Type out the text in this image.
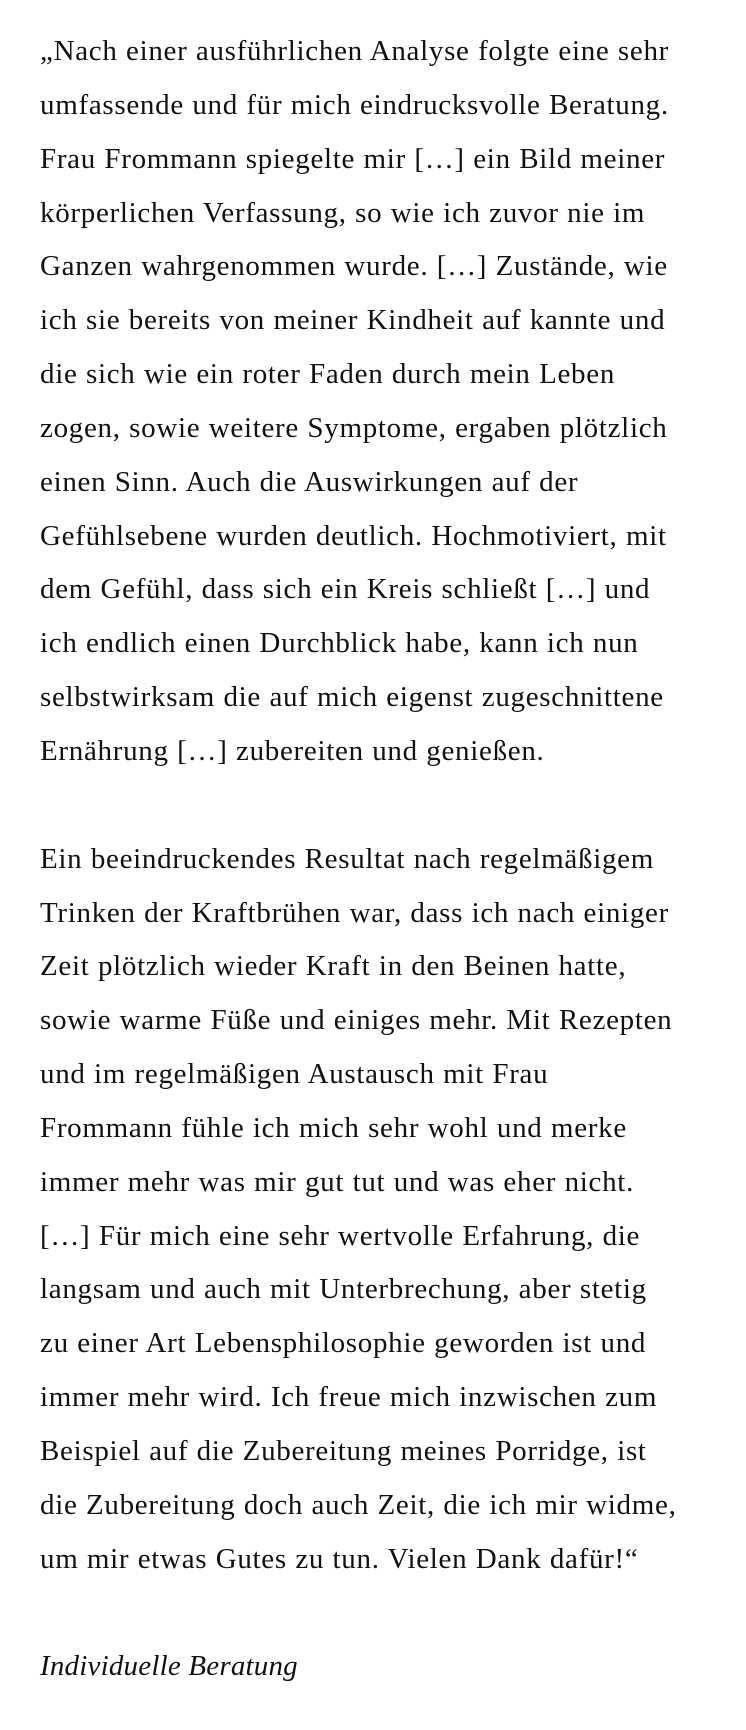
„Nach einer ausführlichen Analyse folgte eine sehr
umfassende und für mich eindrucksvolle Beratung.
Frau Frommann spiegelte mir […] ein Bild meiner
körperlichen Verfassung, so wie ich zuvor nie im
Ganzen wahrgenommen wurde. […] Zustände, wie
ich sie bereits von meiner Kindheit auf kannte und
die sich wie ein roter Faden durch mein Leben
zogen, sowie weitere Symptome, ergaben plötzlich
einen Sinn. Auch die Auswirkungen auf der
Gefühlsebene wurden deutlich. Hochmotiviert, mit
dem Gefühl, dass sich ein Kreis schließt […] und
ich endlich einen Durchblick habe, kann ich nun
selbstwirksam die auf mich eigenst zugeschnittene
Ernährung […] zubereiten und genießen.
Ein beeindruckendes Resultat nach regelmäßigem
Trinken der Kraftbrühen war, dass ich nach einiger
Zeit plötzlich wieder Kraft in den Beinen hatte,
sowie warme Füße und einiges mehr. Mit Rezepten
und im regelmäßigen Austausch mit Frau
Frommann fühle ich mich sehr wohl und merke
immer mehr was mir gut tut und was eher nicht.
[…] Für mich eine sehr wertvolle Erfahrung, die
langsam und auch mit Unterbrechung, aber stetig
zu einer Art Lebensphilosophie geworden ist und
immer mehr wird. Ich freue mich inzwischen zum
Beispiel auf die Zubereitung meines Porridge, ist
die Zubereitung doch auch Zeit, die ich mir widme,
um mir etwas Gutes zu tun. Vielen Dank dafür!“
Individuelle Beratung
